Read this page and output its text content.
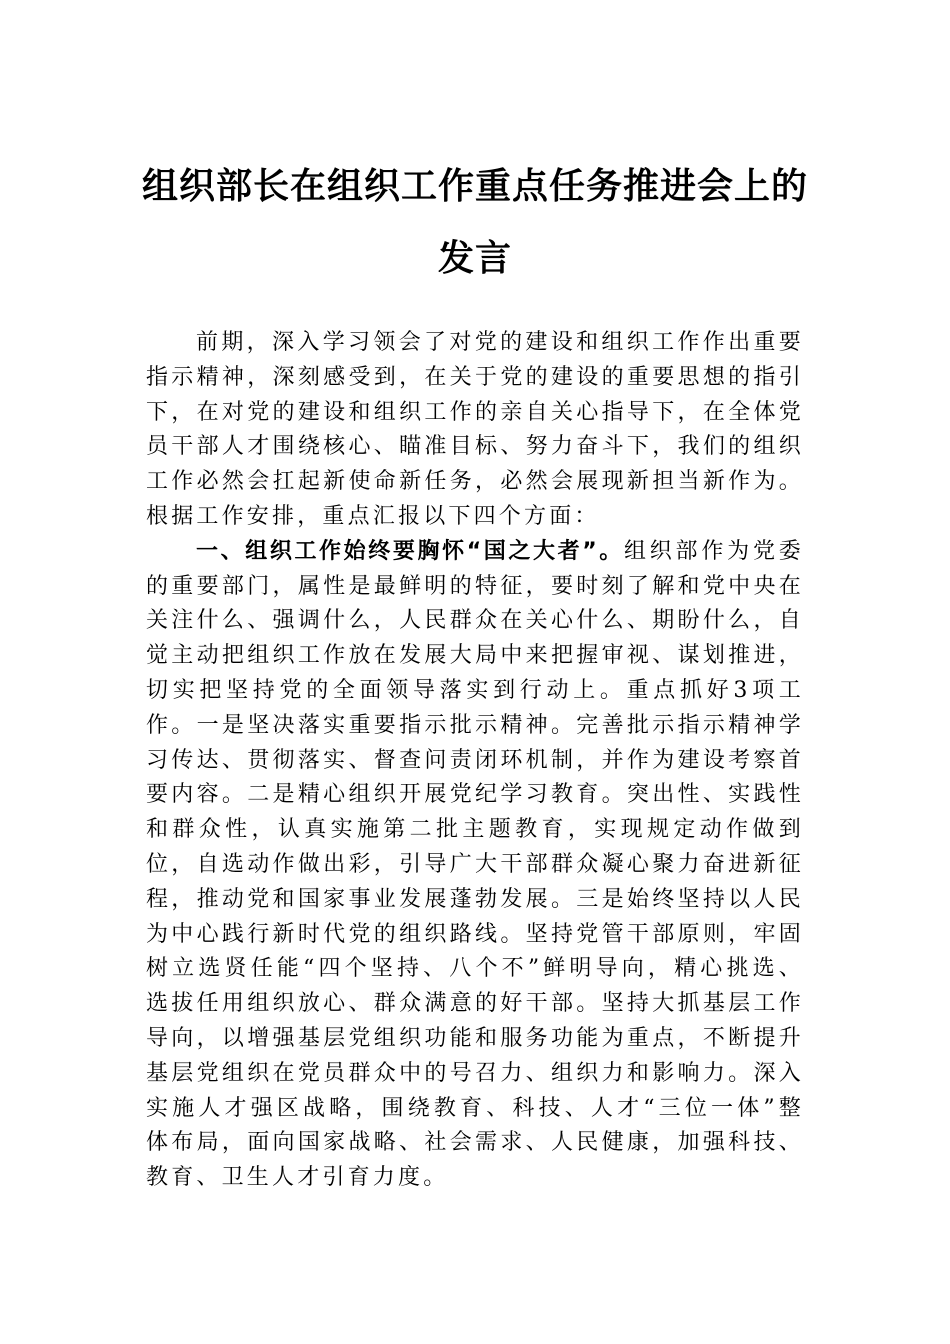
组织部长在组织工作重点任务推进会上的
发言

前期，深入学习领会了对党的建设和组织工作作出重要指示精神，深刻感受到，在关于党的建设的重要思想的指引下，在对党的建设和组织工作的亲自关心指导下，在全体党员干部人才围绕核心、瞄准目标、努力奋斗下，我们的组织工作必然会扛起新使命新任务，必然会展现新担当新作为。根据工作安排，重点汇报以下四个方面：

一、组织工作始终要胸怀“国之大者”。组织部作为党委的重要部门，属性是最鲜明的特征，要时刻了解和党中央在关注什么、强调什么，人民群众在关心什么、期盼什么，自觉主动把组织工作放在发展大局中来把握审视、谋划推进，切实把坚持党的全面领导落实到行动上。重点抓好3项工作。一是坚决落实重要指示批示精神。完善批示指示精神学习传达、贯彻落实、督查问责闭环机制，并作为建设考察首要内容。二是精心组织开展党纪学习教育。突出性、实践性和群众性，认真实施第二批主题教育，实现规定动作做到位，自选动作做出彩，引导广大干部群众凝心聚力奋进新征程，推动党和国家事业发展蓬勃发展。三是始终坚持以人民为中心践行新时代党的组织路线。坚持党管干部原则，牢固树立选贤任能“四个坚持、八个不”鲜明导向，精心挑选、选拔任用组织放心、群众满意的好干部。坚持大抓基层工作导向，以增强基层党组织功能和服务功能为重点，不断提升基层党组织在党员群众中的号召力、组织力和影响力。深入实施人才强区战略，围绕教育、科技、人才“三位一体”整体布局，面向国家战略、社会需求、人民健康，加强科技、教育、卫生人才引育力度。
